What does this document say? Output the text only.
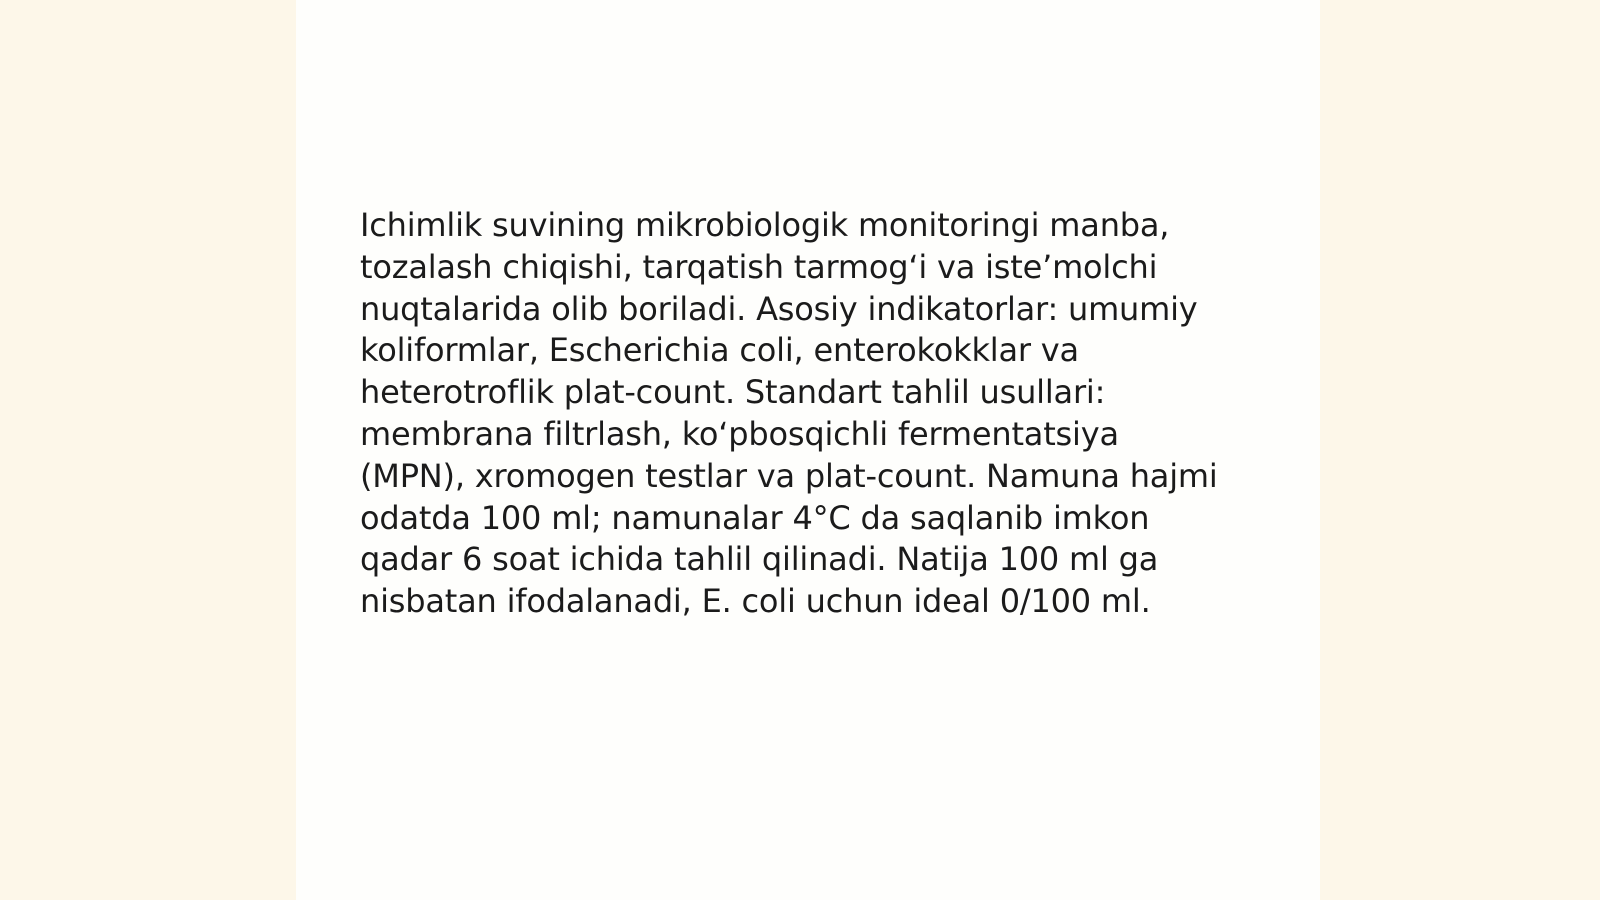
Ichimlik suvining mikrobiologik monitoringi manba,
tozalash chiqishi, tarqatish tarmog‘i va iste’molchi
nuqtalarida olib boriladi. Asosiy indikatorlar: umumiy
koliformlar, Escherichia coli, enterokokklar va
heterotroflik plat-count. Standart tahlil usullari:
membrana filtrlash, ko‘pbosqichli fermentatsiya
(MPN), xromogen testlar va plat-count. Namuna hajmi
odatda 100 ml; namunalar 4°C da saqlanib imkon
qadar 6 soat ichida tahlil qilinadi. Natija 100 ml ga
nisbatan ifodalanadi, E. coli uchun ideal 0/100 ml.
